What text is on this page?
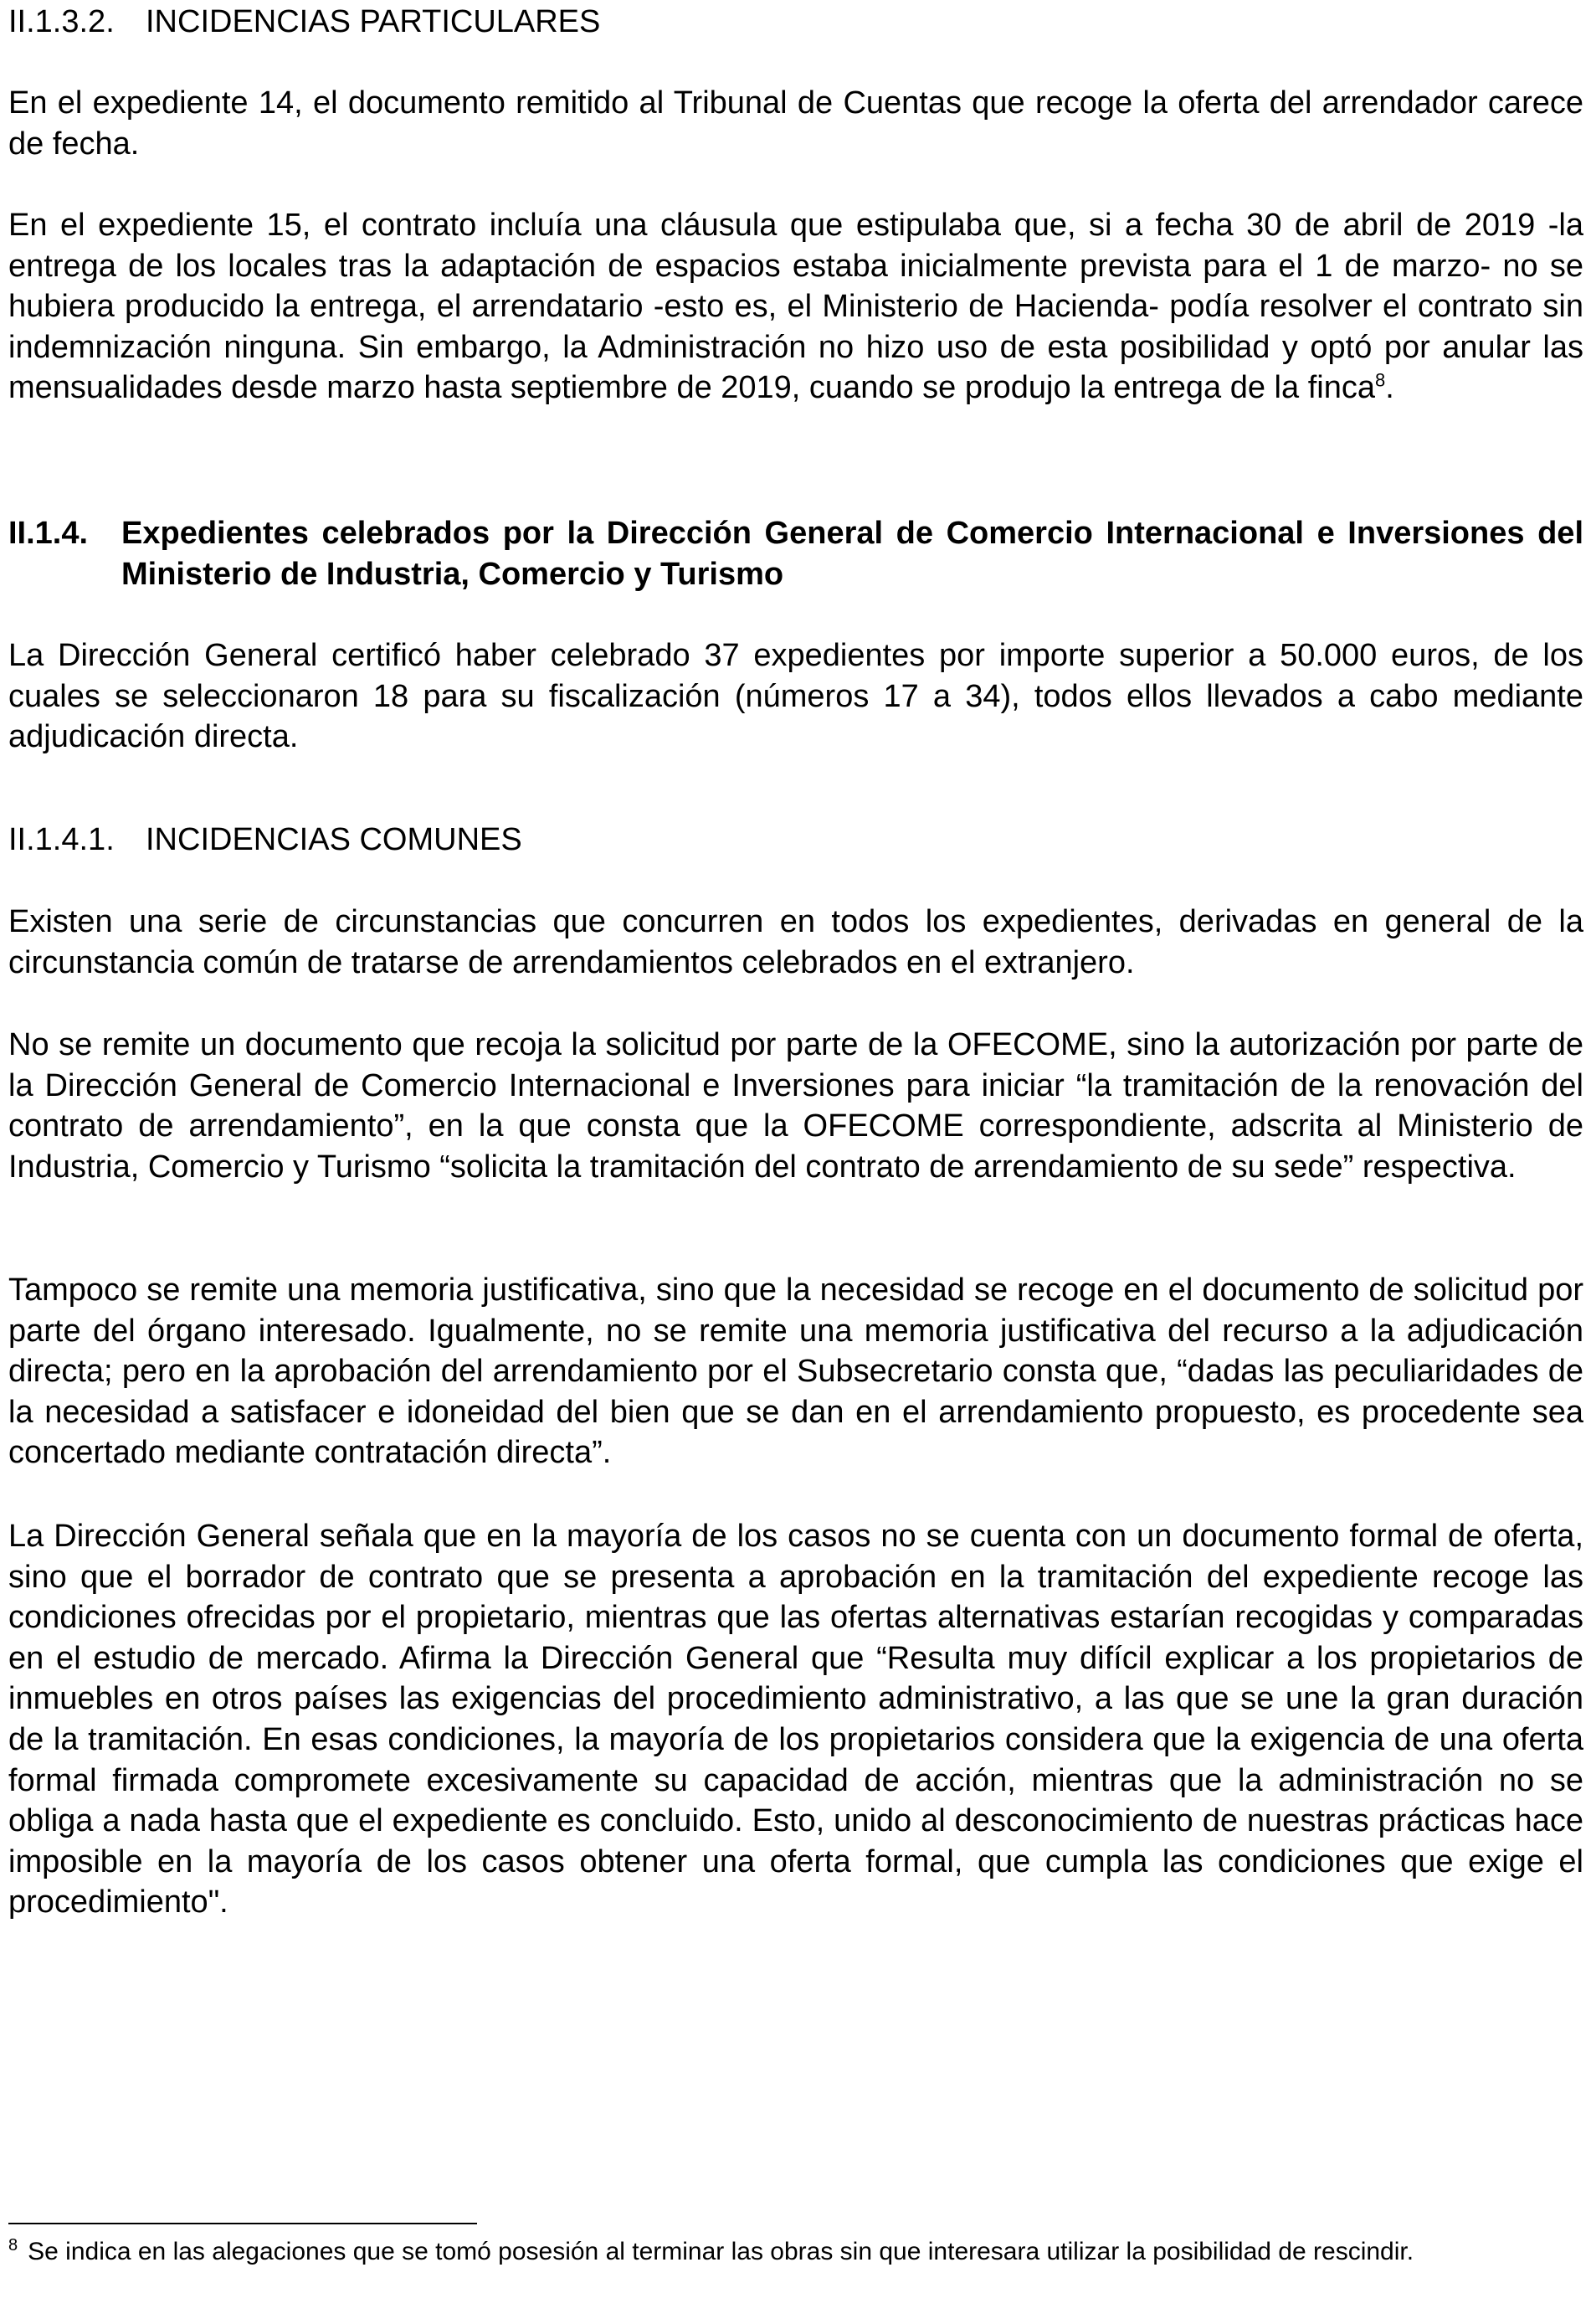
II.1.3.2. INCIDENCIAS PARTICULARES

En el expediente 14, el documento remitido al Tribunal de Cuentas que recoge la oferta del arrendador carece de fecha.

En el expediente 15, el contrato incluía una cláusula que estipulaba que, si a fecha 30 de abril de 2019 -la entrega de los locales tras la adaptación de espacios estaba inicialmente prevista para el 1 de marzo- no se hubiera producido la entrega, el arrendatario -esto es, el Ministerio de Hacienda- podía resolver el contrato sin indemnización ninguna. Sin embargo, la Administración no hizo uso de esta posibilidad y optó por anular las mensualidades desde marzo hasta septiembre de 2019, cuando se produjo la entrega de la finca$^8$.

II.1.4. Expedientes celebrados por la Dirección General de Comercio Internacional e Inversiones del Ministerio de Industria, Comercio y Turismo

La Dirección General certificó haber celebrado 37 expedientes por importe superior a 50.000 euros, de los cuales se seleccionaron 18 para su fiscalización (números 17 a 34), todos ellos llevados a cabo mediante adjudicación directa.

II.1.4.1. INCIDENCIAS COMUNES

Existen una serie de circunstancias que concurren en todos los expedientes, derivadas en general de la circunstancia común de tratarse de arrendamientos celebrados en el extranjero.

No se remite un documento que recoja la solicitud por parte de la OFECOME, sino la autorización por parte de la Dirección General de Comercio Internacional e Inversiones para iniciar “la tramitación de la renovación del contrato de arrendamiento”, en la que consta que la OFECOME correspondiente, adscrita al Ministerio de Industria, Comercio y Turismo “solicita la tramitación del contrato de arrendamiento de su sede” respectiva.

Tampoco se remite una memoria justificativa, sino que la necesidad se recoge en el documento de solicitud por parte del órgano interesado. Igualmente, no se remite una memoria justificativa del recurso a la adjudicación directa; pero en la aprobación del arrendamiento por el Subsecretario consta que, “dadas las peculiaridades de la necesidad a satisfacer e idoneidad del bien que se dan en el arrendamiento propuesto, es procedente sea concertado mediante contratación directa”.

La Dirección General señala que en la mayoría de los casos no se cuenta con un documento formal de oferta, sino que el borrador de contrato que se presenta a aprobación en la tramitación del expediente recoge las condiciones ofrecidas por el propietario, mientras que las ofertas alternativas estarían recogidas y comparadas en el estudio de mercado. Afirma la Dirección General que “Resulta muy difícil explicar a los propietarios de inmuebles en otros países las exigencias del procedimiento administrativo, a las que se une la gran duración de la tramitación. En esas condiciones, la mayoría de los propietarios considera que la exigencia de una oferta formal firmada compromete excesivamente su capacidad de acción, mientras que la administración no se obliga a nada hasta que el expediente es concluido. Esto, unido al desconocimiento de nuestras prácticas hace imposible en la mayoría de los casos obtener una oferta formal, que cumpla las condiciones que exige el procedimiento".

$^8$ Se indica en las alegaciones que se tomó posesión al terminar las obras sin que interesara utilizar la posibilidad de rescindir.
